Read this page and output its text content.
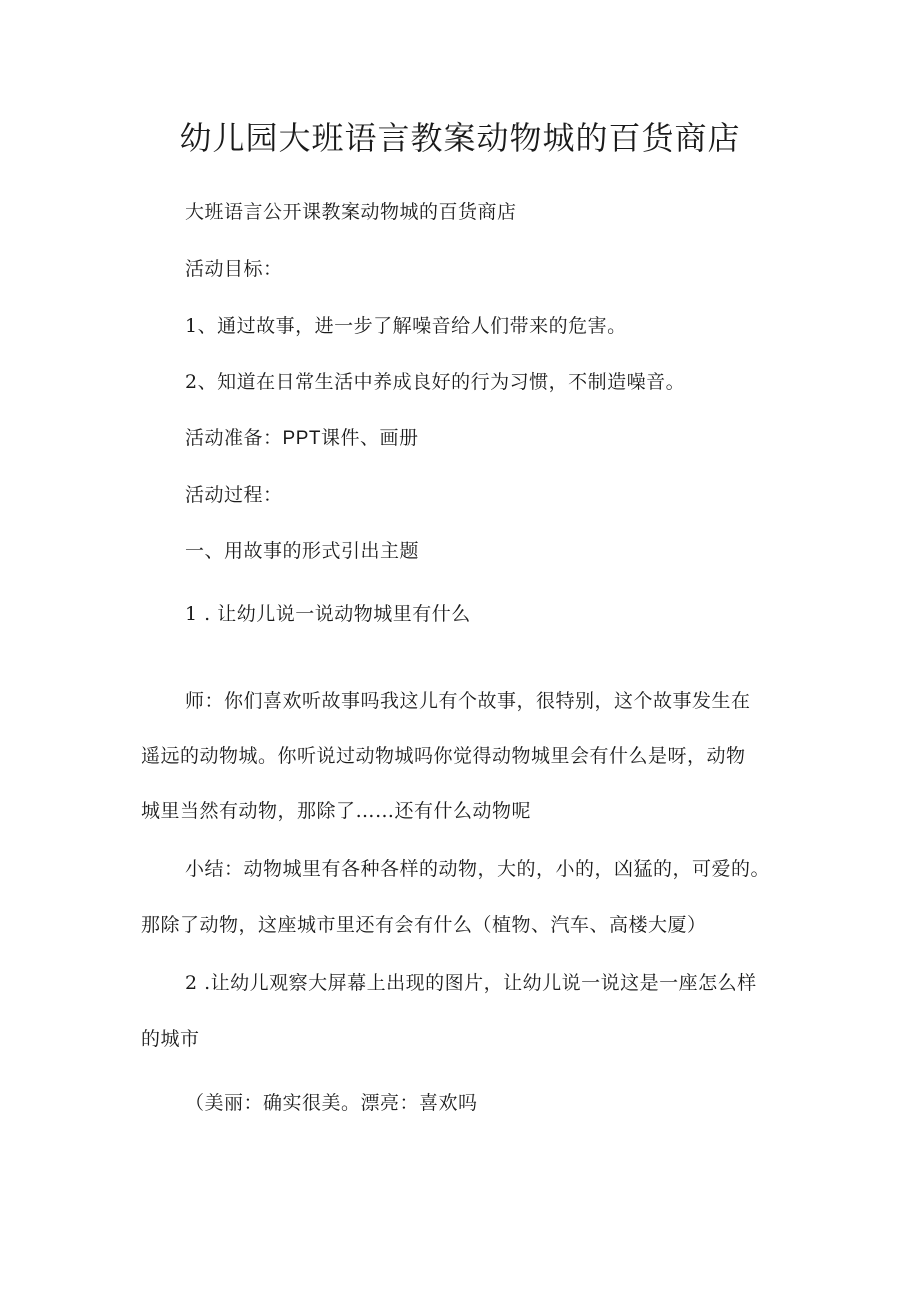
幼儿园大班语言教案动物城的百货商店
大班语言公开课教案动物城的百货商店
活动目标：
1、通过故事，进一步了解噪音给人们带来的危害。
2、知道在日常生活中养成良好的行为习惯，不制造噪音。
活动准备：PPT课件、画册
活动过程：
一、用故事的形式引出主题
1 . 让幼儿说一说动物城里有什么
师：你们喜欢听故事吗我这儿有个故事，很特别，这个故事发生在
遥远的动物城。你听说过动物城吗你觉得动物城里会有什么是呀，动物
城里当然有动物，那除了……还有什么动物呢
小结：动物城里有各种各样的动物，大的，小的，凶猛的，可爱的。
那除了动物，这座城市里还有会有什么（植物、汽车、高楼大厦）
2 .让幼儿观察大屏幕上出现的图片，让幼儿说一说这是一座怎么样
的城市
（美丽：确实很美。漂亮：喜欢吗
